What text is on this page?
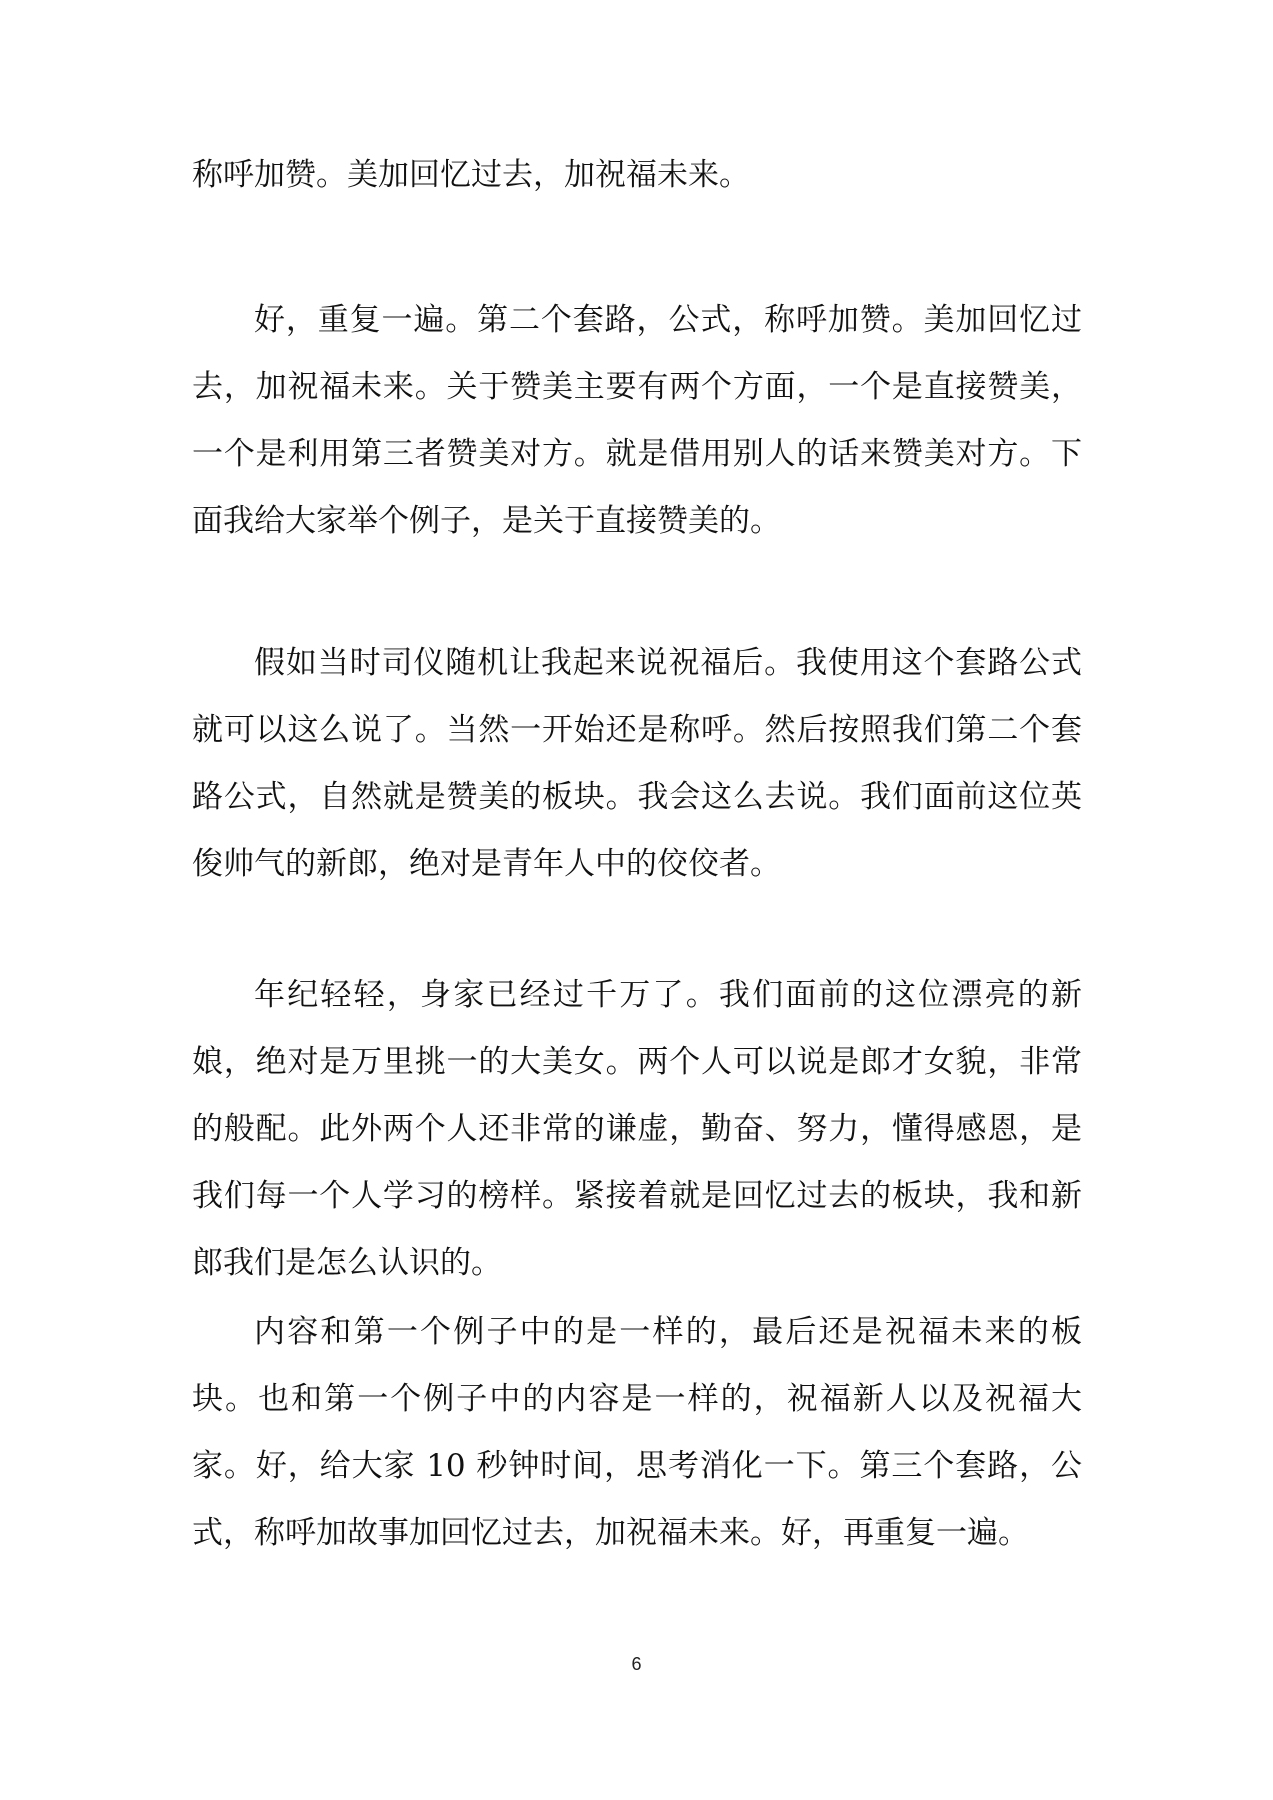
称呼加赞。美加回忆过去，加祝福未来。

好，重复一遍。第二个套路，公式，称呼加赞。美加回忆过去，加祝福未来。关于赞美主要有两个方面，一个是直接赞美，一个是利用第三者赞美对方。就是借用别人的话来赞美对方。下面我给大家举个例子，是关于直接赞美的。

假如当时司仪随机让我起来说祝福后。我使用这个套路公式就可以这么说了。当然一开始还是称呼。然后按照我们第二个套路公式，自然就是赞美的板块。我会这么去说。我们面前这位英俊帅气的新郎，绝对是青年人中的佼佼者。

年纪轻轻，身家已经过千万了。我们面前的这位漂亮的新娘，绝对是万里挑一的大美女。两个人可以说是郎才女貌，非常的般配。此外两个人还非常的谦虚，勤奋、努力，懂得感恩，是我们每一个人学习的榜样。紧接着就是回忆过去的板块，我和新郎我们是怎么认识的。

内容和第一个例子中的是一样的，最后还是祝福未来的板块。也和第一个例子中的内容是一样的，祝福新人以及祝福大家。好，给大家 10 秒钟时间，思考消化一下。第三个套路，公式，称呼加故事加回忆过去，加祝福未来。好，再重复一遍。

6
